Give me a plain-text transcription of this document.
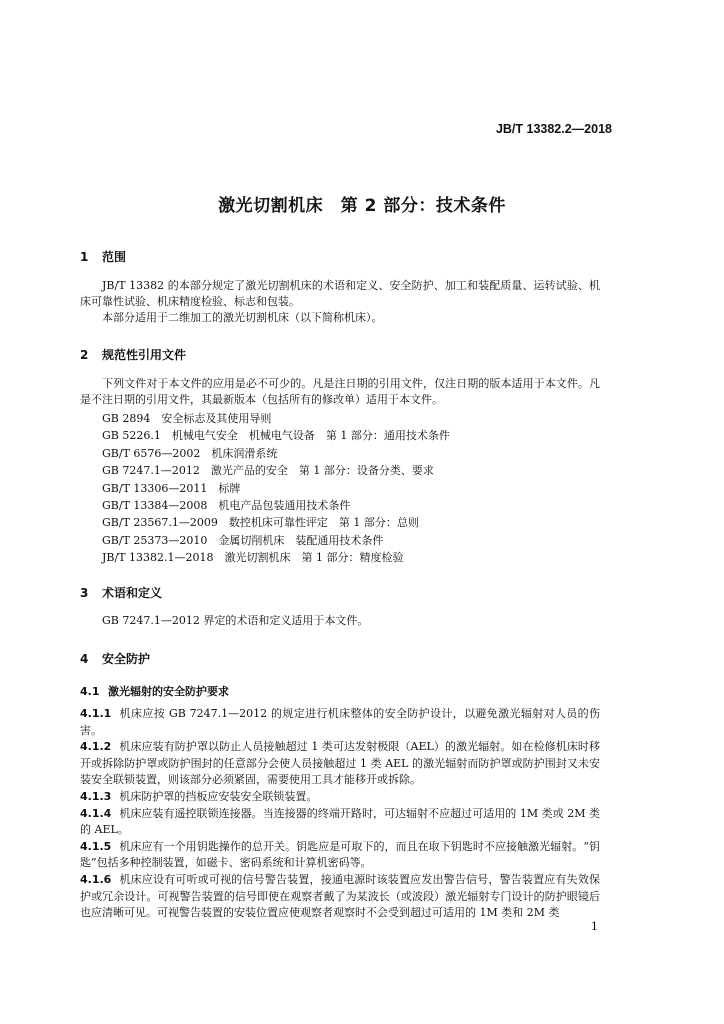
JB/T 13382.2—2018
激光切割机床　第 2 部分：技术条件
1 范围
JB/T 13382 的本部分规定了激光切割机床的术语和定义、安全防护、加工和装配质量、运转试验、机床可靠性试验、机床精度检验、标志和包装。
本部分适用于二维加工的激光切割机床（以下简称机床）。
2 规范性引用文件
下列文件对于本文件的应用是必不可少的。凡是注日期的引用文件，仅注日期的版本适用于本文件。凡是不注日期的引用文件，其最新版本（包括所有的修改单）适用于本文件。
GB 2894　安全标志及其使用导则
GB 5226.1　机械电气安全　机械电气设备　第 1 部分：通用技术条件
GB/T 6576—2002　机床润滑系统
GB 7247.1—2012　激光产品的安全　第 1 部分：设备分类、要求
GB/T 13306—2011　标牌
GB/T 13384—2008　机电产品包装通用技术条件
GB/T 23567.1—2009　数控机床可靠性评定　第 1 部分：总则
GB/T 25373—2010　金属切削机床　装配通用技术条件
JB/T 13382.1—2018　激光切割机床　第 1 部分：精度检验
3 术语和定义
GB 7247.1—2012 界定的术语和定义适用于本文件。
4 安全防护
4.1 激光辐射的安全防护要求
4.1.1 机床应按 GB 7247.1—2012 的规定进行机床整体的安全防护设计，以避免激光辐射对人员的伤害。
4.1.2 机床应装有防护罩以防止人员接触超过 1 类可达发射极限（AEL）的激光辐射。如在检修机床时移开或拆除防护罩或防护围封的任意部分会使人员接触超过 1 类 AEL 的激光辐射而防护罩或防护围封又未安装安全联锁装置，则该部分必须紧固，需要使用工具才能移开或拆除。
4.1.3 机床防护罩的挡板应安装安全联锁装置。
4.1.4 机床应装有遥控联锁连接器。当连接器的终端开路时，可达辐射不应超过可适用的 1M 类或 2M 类的 AEL。
4.1.5 机床应有一个用钥匙操作的总开关。钥匙应是可取下的，而且在取下钥匙时不应接触激光辐射。“钥匙”包括多种控制装置，如磁卡、密码系统和计算机密码等。
4.1.6 机床应设有可听或可视的信号警告装置，接通电源时该装置应发出警告信号，警告装置应有失效保护或冗余设计。可视警告装置的信号即使在观察者戴了为某波长（或波段）激光辐射专门设计的防护眼镜后也应清晰可见。可视警告装置的安装位置应使观察者观察时不会受到超过可适用的 1M 类和 2M 类
1
